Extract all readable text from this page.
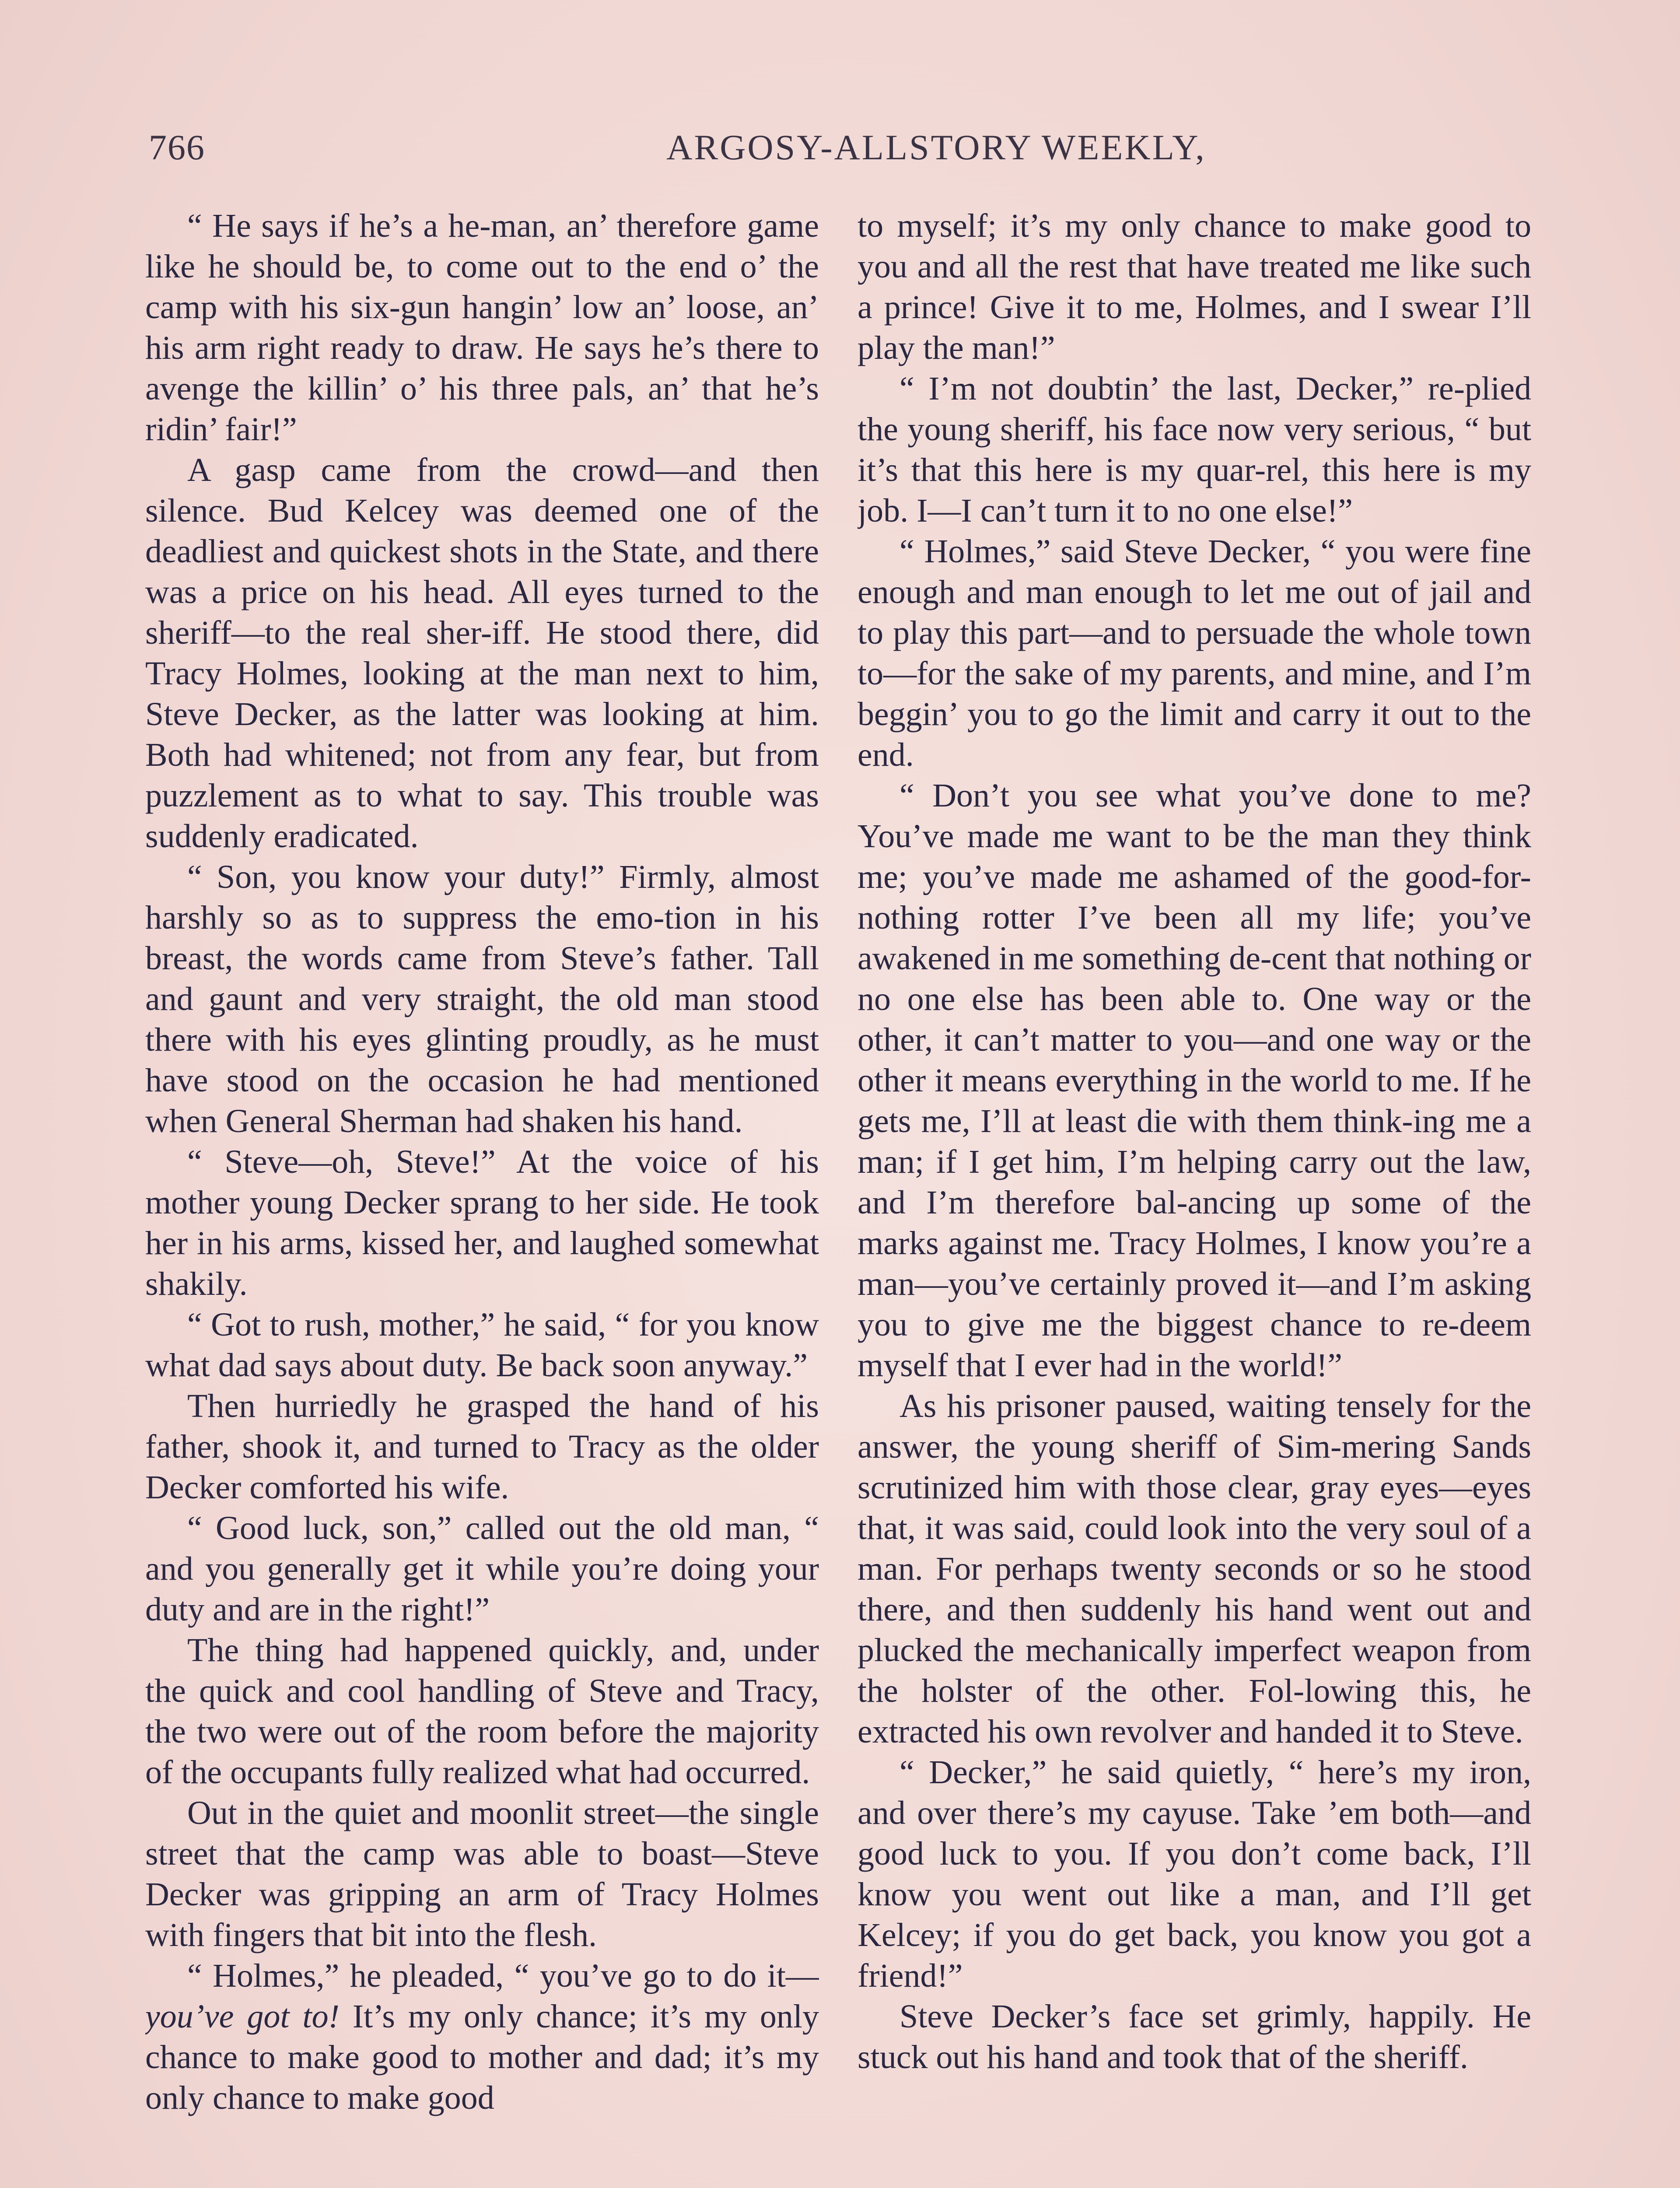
766	ARGOSY-ALLSTORY WEEKLY,

“ He says if he’s a he-man, an’ therefore game like he should be, to come out to the end o’ the camp with his six-gun hangin’ low an’ loose, an’ his arm right ready to draw. He says he’s there to avenge the killin’ o’ his three pals, an’ that he’s ridin’ fair!”

A gasp came from the crowd—and then silence. Bud Kelcey was deemed one of the deadliest and quickest shots in the State, and there was a price on his head. All eyes turned to the sheriff—to the real sher-iff. He stood there, did Tracy Holmes, looking at the man next to him, Steve Decker, as the latter was looking at him. Both had whitened; not from any fear, but from puzzlement as to what to say. This trouble was suddenly eradicated.

“ Son, you know your duty!” Firmly, almost harshly so as to suppress the emo-tion in his breast, the words came from Steve’s father. Tall and gaunt and very straight, the old man stood there with his eyes glinting proudly, as he must have stood on the occasion he had mentioned when General Sherman had shaken his hand.

“ Steve—oh, Steve!” At the voice of his mother young Decker sprang to her side. He took her in his arms, kissed her, and laughed somewhat shakily.

“ Got to rush, mother,” he said, “ for you know what dad says about duty. Be back soon anyway.”

Then hurriedly he grasped the hand of his father, shook it, and turned to Tracy as the older Decker comforted his wife.

“ Good luck, son,” called out the old man, “ and you generally get it while you’re doing your duty and are in the right!”

The thing had happened quickly, and, under the quick and cool handling of Steve and Tracy, the two were out of the room before the majority of the occupants fully realized what had occurred.

Out in the quiet and moonlit street—the single street that the camp was able to boast—Steve Decker was gripping an arm of Tracy Holmes with fingers that bit into the flesh.

“ Holmes,” he pleaded, “ you’ve go to do it—you’ve got to! It’s my only chance; it’s my only chance to make good to mother and dad; it’s my only chance to make good

to myself; it’s my only chance to make good to you and all the rest that have treated me like such a prince! Give it to me, Holmes, and I swear I’ll play the man!”

“ I’m not doubtin’ the last, Decker,” re-plied the young sheriff, his face now very serious, “ but it’s that this here is my quar-rel, this here is my job. I—I can’t turn it to no one else!”

“ Holmes,” said Steve Decker, “ you were fine enough and man enough to let me out of jail and to play this part—and to persuade the whole town to—for the sake of my parents, and mine, and I’m beggin’ you to go the limit and carry it out to the end.

“ Don’t you see what you’ve done to me? You’ve made me want to be the man they think me; you’ve made me ashamed of the good-for-nothing rotter I’ve been all my life; you’ve awakened in me something de-cent that nothing or no one else has been able to. One way or the other, it can’t matter to you—and one way or the other it means everything in the world to me. If he gets me, I’ll at least die with them think-ing me a man; if I get him, I’m helping carry out the law, and I’m therefore bal-ancing up some of the marks against me. Tracy Holmes, I know you’re a man—you’ve certainly proved it—and I’m asking you to give me the biggest chance to re-deem myself that I ever had in the world!”

As his prisoner paused, waiting tensely for the answer, the young sheriff of Sim-mering Sands scrutinized him with those clear, gray eyes—eyes that, it was said, could look into the very soul of a man. For perhaps twenty seconds or so he stood there, and then suddenly his hand went out and plucked the mechanically imperfect weapon from the holster of the other. Fol-lowing this, he extracted his own revolver and handed it to Steve.

“ Decker,” he said quietly, “ here’s my iron, and over there’s my cayuse. Take ’em both—and good luck to you. If you don’t come back, I’ll know you went out like a man, and I’ll get Kelcey; if you do get back, you know you got a friend!”

Steve Decker’s face set grimly, happily. He stuck out his hand and took that of the sheriff.
